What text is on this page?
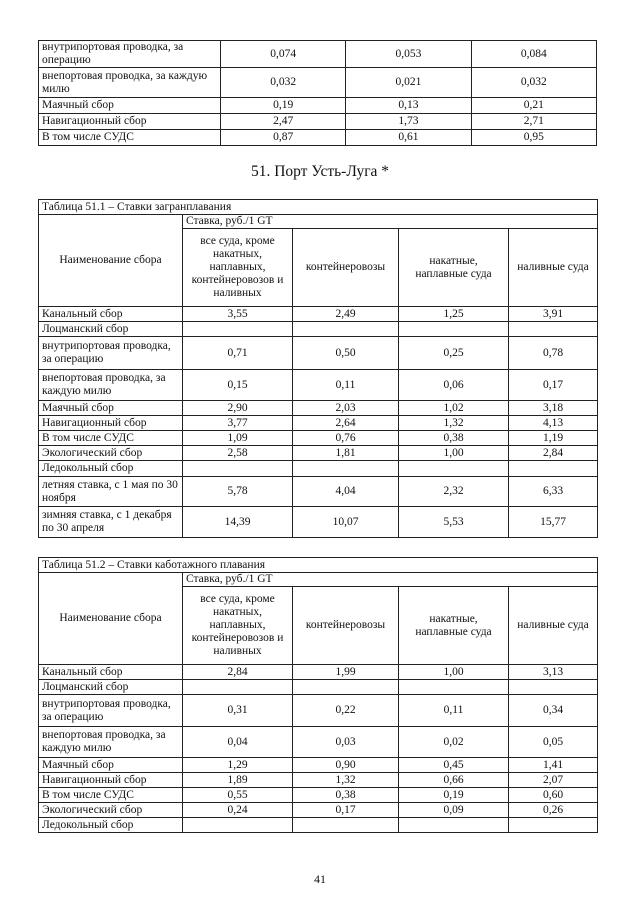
внутрипортовая проводка, за операцию	0,074	0,053	0,084
внепортовая проводка, за каждую милю	0,032	0,021	0,032
Маячный сбор	0,19	0,13	0,21
Навигационный сбор	2,47	1,73	2,71
В том числе СУДС	0,87	0,61	0,95
51. Порт Усть-Луга *
Таблица 51.1 – Ставки загранплавания				
Наименование сбора	Ставка, руб./1 GT			
	все суда, кроме накатных, наплавных, контейнеровозов и наливных	контейнеровозы	накатные, наплавные суда	наливные суда
Канальный сбор	3,55	2,49	1,25	3,91
Лоцманский сбор				
внутрипортовая проводка, за операцию	0,71	0,50	0,25	0,78
внепортовая проводка, за каждую милю	0,15	0,11	0,06	0,17
Маячный сбор	2,90	2,03	1,02	3,18
Навигационный сбор	3,77	2,64	1,32	4,13
В том числе СУДС	1,09	0,76	0,38	1,19
Экологический сбор	2,58	1,81	1,00	2,84
Ледокольный сбор				
летняя ставка, с 1 мая по 30 ноября	5,78	4,04	2,32	6,33
зимняя ставка, с 1 декабря по 30 апреля	14,39	10,07	5,53	15,77
Таблица 51.2 – Ставки каботажного плавания				
Наименование сбора	Ставка, руб./1 GT			
	все суда, кроме накатных, наплавных, контейнеровозов и наливных	контейнеровозы	накатные, наплавные суда	наливные суда
Канальный сбор	2,84	1,99	1,00	3,13
Лоцманский сбор				
внутрипортовая проводка, за операцию	0,31	0,22	0,11	0,34
внепортовая проводка, за каждую милю	0,04	0,03	0,02	0,05
Маячный сбор	1,29	0,90	0,45	1,41
Навигационный сбор	1,89	1,32	0,66	2,07
В том числе СУДС	0,55	0,38	0,19	0,60
Экологический сбор	0,24	0,17	0,09	0,26
Ледокольный сбор				
41
